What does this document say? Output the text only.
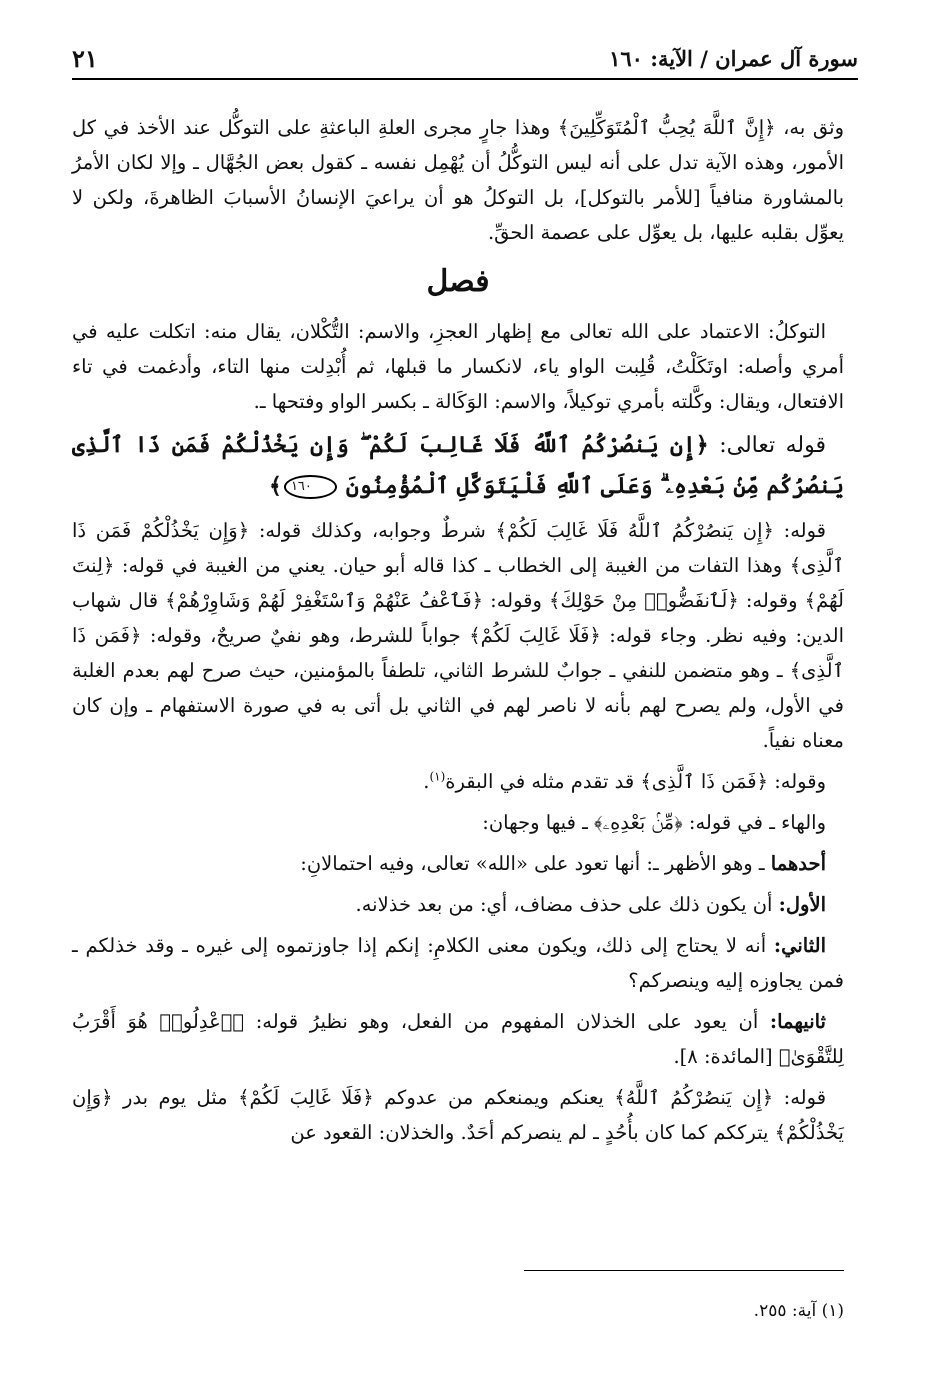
سورة آل عمران / الآية: ١٦٠
٢١

وثق به، ﴿إِنَّ ٱللَّهَ يُحِبُّ ٱلْمُتَوَكِّلِينَ﴾ وهذا جارٍ مجرى العلةِ الباعثةِ على التوكُّل عند الأخذ في كل الأمور، وهذه الآية تدل على أنه ليس التوكُّلُ أن يُهْمِل نفسه ـ كقول بعض الجُهَّال ـ وإلا لكان الأمرُ بالمشاورة منافياً [للأمر بالتوكل]، بل التوكلُ هو أن يراعيَ الإنسانُ الأسبابَ الظاهرةَ، ولكن لا يعوِّل بقلبه عليها، بل يعوِّل على عصمة الحقِّ.

فصل

التوكلُ: الاعتماد على الله تعالى مع إظهار العجزِ، والاسم: التُّكْلان، يقال منه: اتكلت عليه في أمري وأصله: اوتَكَلْتُ، قُلِبت الواو ياء، لانكسار ما قبلها، ثم أُبْدِلت منها التاء، وأدغمت في تاء الافتعال، ويقال: وكَّلته بأمري توكيلاً، والاسم: الوَكَالة ـ بكسر الواو وفتحها ـ.

قوله تعالى: ﴿إِن يَنصُرْكُمُ ٱللَّهُ فَلَا غَالِبَ لَكُمْ ۖ وَإِن يَخْذُلْكُمْ فَمَن ذَا ٱلَّذِى يَنصُرُكُم مِّنۢ بَعْدِهِۦ ۗ وَعَلَى ٱللَّهِ فَلْيَتَوَكَّلِ ٱلْمُؤْمِنُونَ ١٦٠﴾

قوله: ﴿إِن يَنصُرْكُمُ ٱللَّهُ فَلَا غَالِبَ لَكُمْ﴾ شرطٌ وجوابه، وكذلك قوله: ﴿وَإِن يَخْذُلْكُمْ فَمَن ذَا ٱلَّذِى﴾ وهذا التفات من الغيبة إلى الخطاب ـ كذا قاله أبو حيان. يعني من الغيبة في قوله: ﴿لِنتَ لَهُمْ﴾ وقوله: ﴿لَٱنفَضُّوا۟ مِنْ حَوْلِكَ﴾ وقوله: ﴿فَٱعْفُ عَنْهُمْ وَٱسْتَغْفِرْ لَهُمْ وَشَاوِرْهُمْ﴾ قال شهاب الدين: وفيه نظر. وجاء قوله: ﴿فَلَا غَالِبَ لَكُمْ﴾ جواباً للشرط، وهو نفيٌ صريحٌ، وقوله: ﴿فَمَن ذَا ٱلَّذِى﴾ ـ وهو متضمن للنفي ـ جوابٌ للشرط الثاني، تلطفاً بالمؤمنين، حيث صرح لهم بعدم الغلبة في الأول، ولم يصرح لهم بأنه لا ناصر لهم في الثاني بل أتى به في صورة الاستفهام ـ وإن كان معناه نفياً.

وقوله: ﴿فَمَن ذَا ٱلَّذِى﴾ قد تقدم مثله في البقرة$^{(١)}$.

والهاء ـ في قوله: ﴿مِّنۢ بَعْدِهِۦ﴾ ـ فيها وجهان:

أحدهما ـ وهو الأظهر ـ: أنها تعود على «الله» تعالى، وفيه احتمالانِ:

الأول: أن يكون ذلك على حذف مضاف، أي: من بعد خذلانه.

الثاني: أنه لا يحتاج إلى ذلك، ويكون معنى الكلامِ: إنكم إذا جاوزتموه إلى غيره ـ وقد خذلكم ـ فمن يجاوزه إليه وينصركم؟

ثانيهما: أن يعود على الخذلان المفهوم من الفعل، وهو نظيرُ قوله: ﴿ٱعْدِلُوا۟ هُوَ أَقْرَبُ لِلتَّقْوَىٰ﴾ [المائدة: ٨].

قوله: ﴿إِن يَنصُرْكُمُ ٱللَّهُ﴾ يعنكم ويمنعكم من عدوكم ﴿فَلَا غَالِبَ لَكُمْ﴾ مثل يوم بدر ﴿وَإِن يَخْذُلْكُمْ﴾ يترككم كما كان بأُحُدٍ ـ لم ينصركم أحَدٌ. والخذلان: القعود عن

(١) آية: ٢٥٥.
